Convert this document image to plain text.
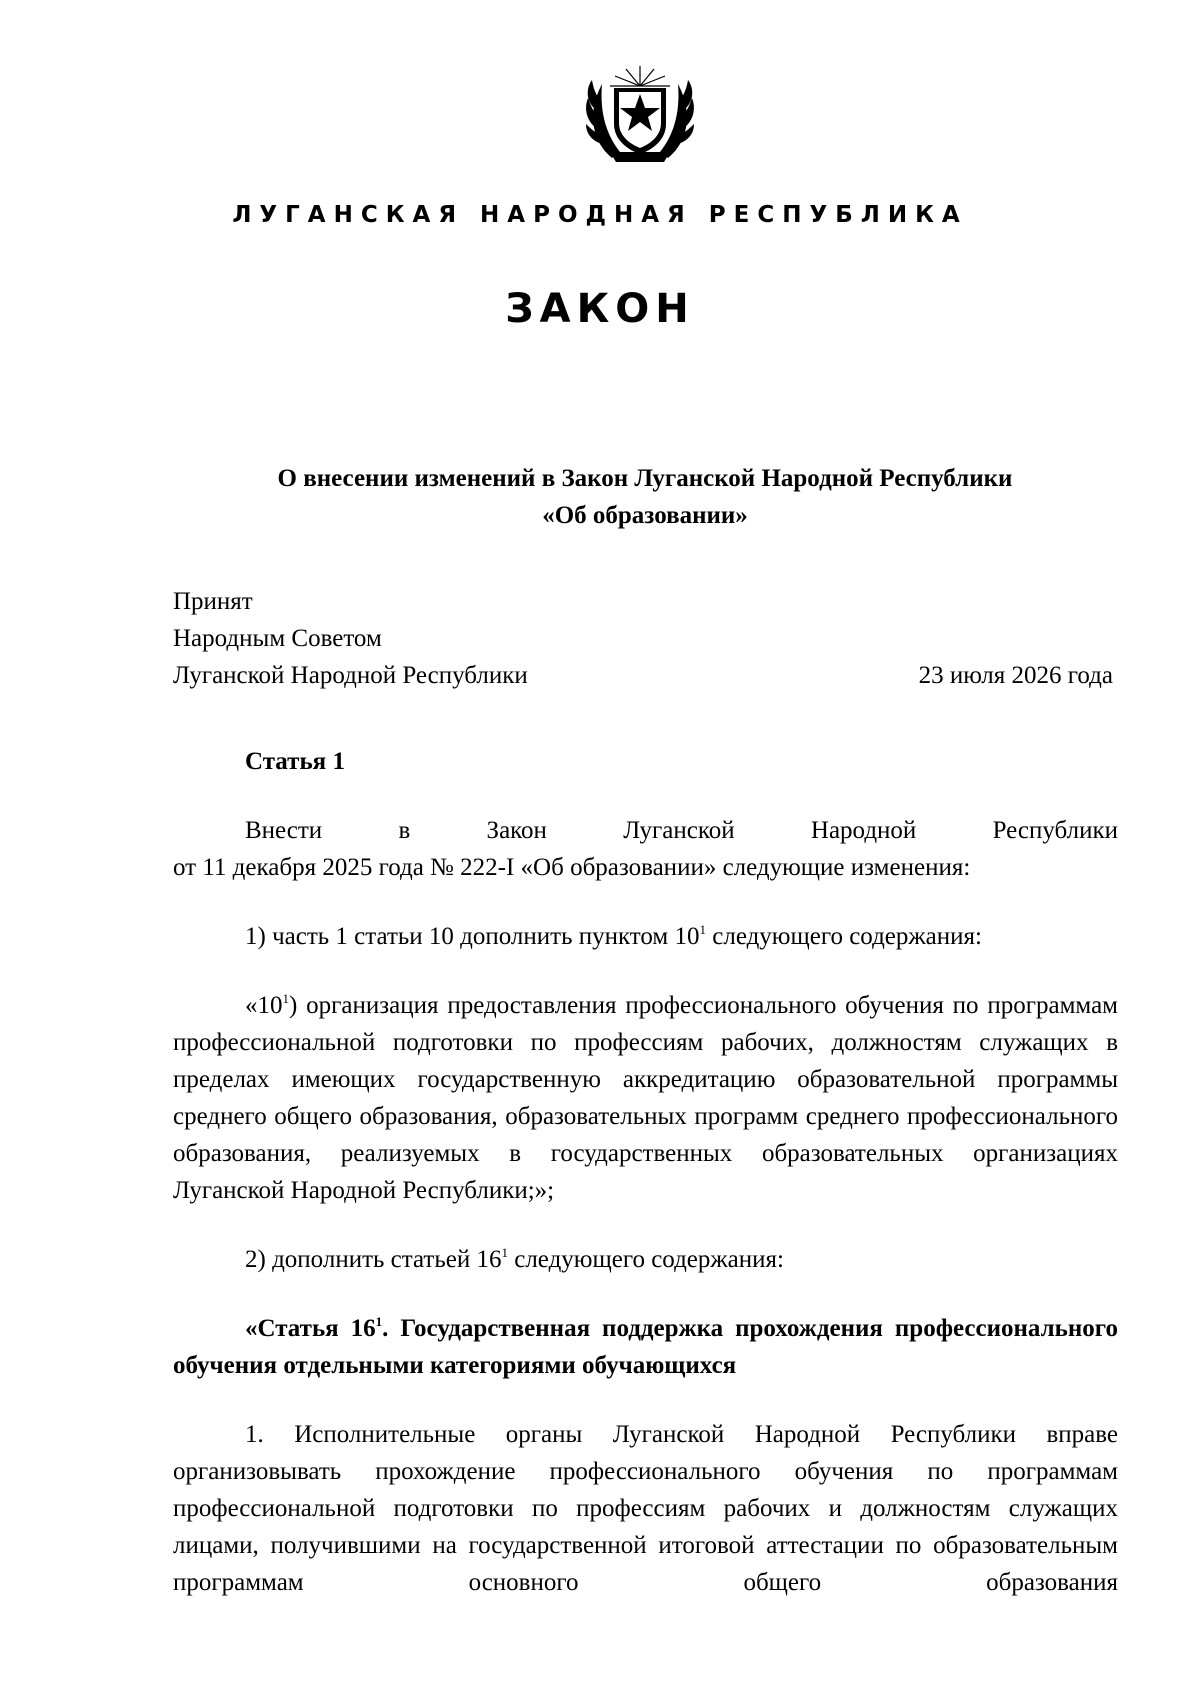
ЛУГАНСКАЯ НАРОДНАЯ РЕСПУБЛИКА
ЗАКОН
О внесении изменений в Закон Луганской Народной Республики
«Об образовании»
Принят
Народным Советом
Луганской Народной Республики	23 июля 2026 года
Статья 1

Внести в Закон Луганской Народной Республики
от 11 декабря 2025 года № 222-I «Об образовании» следующие изменения:

1) часть 1 статьи 10 дополнить пунктом $10^1$ следующего содержания:

«$10^1$) организация предоставления профессионального обучения по программам профессиональной подготовки по профессиям рабочих, должностям служащих в пределах имеющих государственную аккредитацию образовательной программы среднего общего образования, образовательных программ среднего профессионального образования, реализуемых в государственных образовательных организациях Луганской Народной Республики;»;

2) дополнить статьей $16^1$ следующего содержания:

«Статья $16^1$. Государственная поддержка прохождения профессионального обучения отдельными категориями обучающихся

1. Исполнительные органы Луганской Народной Республики вправе организовывать прохождение профессионального обучения по программам профессиональной подготовки по профессиям рабочих и должностям служащих лицами, получившими на государственной итоговой аттестации по образовательным программам основного общего образования
